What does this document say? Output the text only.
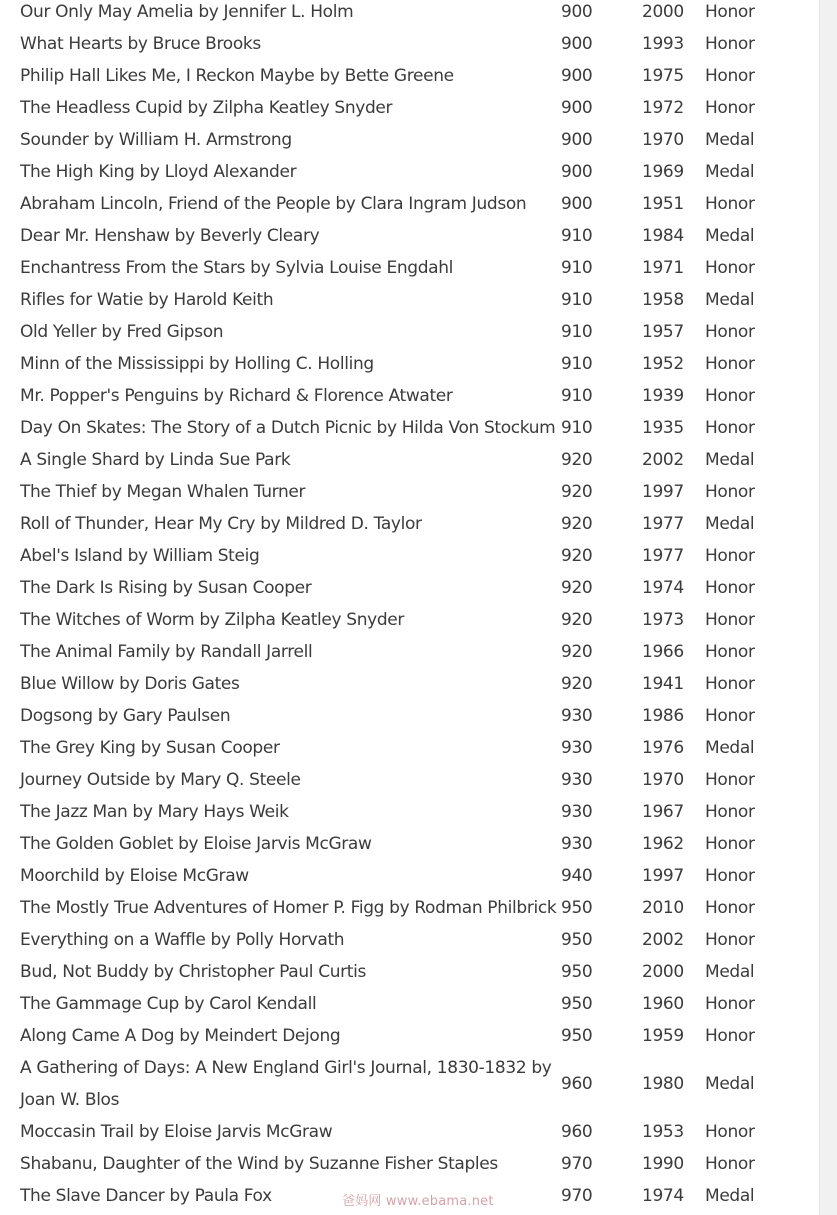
Our Only May Amelia by Jennifer L. Holm	900	2000	Honor
What Hearts by Bruce Brooks	900	1993	Honor
Philip Hall Likes Me, I Reckon Maybe by Bette Greene	900	1975	Honor
The Headless Cupid by Zilpha Keatley Snyder	900	1972	Honor
Sounder by William H. Armstrong	900	1970	Medal
The High King by Lloyd Alexander	900	1969	Medal
Abraham Lincoln, Friend of the People by Clara Ingram Judson	900	1951	Honor
Dear Mr. Henshaw by Beverly Cleary	910	1984	Medal
Enchantress From the Stars by Sylvia Louise Engdahl	910	1971	Honor
Rifles for Watie by Harold Keith	910	1958	Medal
Old Yeller by Fred Gipson	910	1957	Honor
Minn of the Mississippi by Holling C. Holling	910	1952	Honor
Mr. Popper's Penguins by Richard & Florence Atwater	910	1939	Honor
Day On Skates: The Story of a Dutch Picnic by Hilda Von Stockum	910	1935	Honor
A Single Shard by Linda Sue Park	920	2002	Medal
The Thief by Megan Whalen Turner	920	1997	Honor
Roll of Thunder, Hear My Cry by Mildred D. Taylor	920	1977	Medal
Abel's Island by William Steig	920	1977	Honor
The Dark Is Rising by Susan Cooper	920	1974	Honor
The Witches of Worm by Zilpha Keatley Snyder	920	1973	Honor
The Animal Family by Randall Jarrell	920	1966	Honor
Blue Willow by Doris Gates	920	1941	Honor
Dogsong by Gary Paulsen	930	1986	Honor
The Grey King by Susan Cooper	930	1976	Medal
Journey Outside by Mary Q. Steele	930	1970	Honor
The Jazz Man by Mary Hays Weik	930	1967	Honor
The Golden Goblet by Eloise Jarvis McGraw	930	1962	Honor
Moorchild by Eloise McGraw	940	1997	Honor
The Mostly True Adventures of Homer P. Figg by Rodman Philbrick	950	2010	Honor
Everything on a Waffle by Polly Horvath	950	2002	Honor
Bud, Not Buddy by Christopher Paul Curtis	950	2000	Medal
The Gammage Cup by Carol Kendall	950	1960	Honor
Along Came A Dog by Meindert Dejong	950	1959	Honor
A Gathering of Days: A New England Girl's Journal, 1830-1832 by Joan W. Blos	960	1980	Medal
Moccasin Trail by Eloise Jarvis McGraw	960	1953	Honor
Shabanu, Daughter of the Wind by Suzanne Fisher Staples	970	1990	Honor
The Slave Dancer by Paula Fox	970	1974	Medal
爸妈网 www.ebama.net
